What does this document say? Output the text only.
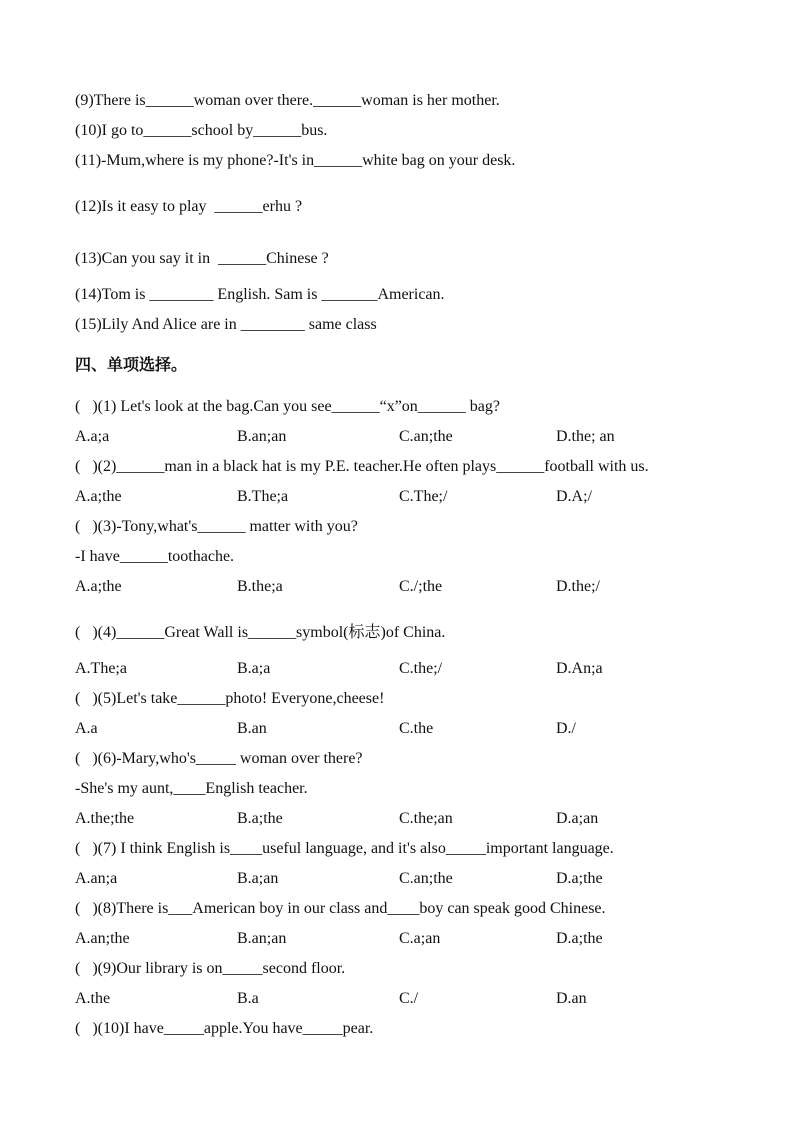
(9)There is______woman over there.______woman is her mother.

(10)I go to______school by______bus.

(11)-Mum,where is my phone?-It's in______white bag on your desk.

(12)Is it easy to play  ______erhu ?

(13)Can you say it in  ______Chinese ?

(14)Tom is ________ English. Sam is _______American.

(15)Lily And Alice are in ________ same class

四、单项选择。

(   )(1) Let's look at the bag.Can you see______“x”on______ bag?

A.a;a	B.an;an	C.an;the	D.the; an

(   )(2)______man in a black hat is my P.E. teacher.He often plays______football with us.

A.a;the	B.The;a	C.The;/	D.A;/

(   )(3)-Tony,what's______ matter with you?

-I have______toothache.

A.a;the	B.the;a	C./;the	D.the;/

(   )(4)______Great Wall is______symbol(标志)of China.

A.The;a	B.a;a	C.the;/	D.An;a

(   )(5)Let's take______photo! Everyone,cheese!

A.a	B.an	C.the	D./

(   )(6)-Mary,who's_____ woman over there?

-She's my aunt,____English teacher.

A.the;the	B.a;the	C.the;an	D.a;an

(   )(7) I think English is____useful language, and it's also_____important language.

A.an;a	B.a;an	C.an;the	D.a;the

(   )(8)There is___American boy in our class and____boy can speak good Chinese.

A.an;the	B.an;an	C.a;an	D.a;the

(   )(9)Our library is on_____second floor.

A.the	B.a	C./	D.an

(   )(10)I have_____apple.You have_____pear.
